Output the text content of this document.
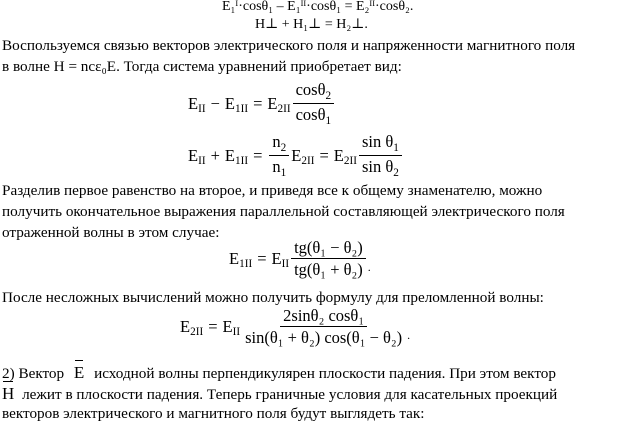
E₁ᴵ·cosθ₁ – E₁ᴵᴵ·cosθ₁ = E₂ᴵᴵ·cosθ₂.
H⊥ + H₁⊥ = H₂⊥.
Воспользуемся связью векторов электрического поля и напряженности магнитного поля
в волне H = ncε₀E. Тогда система уравнений приобретает вид:
$E_{II} - E_{1II} = E_{2II} \frac{\cos\theta_2}{\cos\theta_1}$
$E_{II} + E_{1II} = \frac{n_2}{n_1} E_{2II} = E_{2II} \frac{\sin \theta_1}{\sin \theta_2}$
Разделив первое равенство на второе, и приведя все к общему знаменателю, можно
получить окончательное выражения параллельной составляющей электрического поля
отраженной волны в этом случае:
$E_{1II} = E_{II} \frac{\text{tg(θ₁ − θ₂)}}{\text{tg(θ₁ + θ₂)}}$ .
После несложных вычислений можно получить формулу для преломленной волны:
$E_{2II} = E_{II} \frac{\text{2sinθ₂ cosθ₁}}{\text{sin(θ₁ + θ₂) cos(θ₁ − θ₂)}}$ .
2) Вектор E исходной волны перпендикулярен плоскости падения. При этом вектор
H лежит в плоскости падения. Теперь граничные условия для касательных проекций
векторов электрического и магнитного поля будут выглядеть так:
